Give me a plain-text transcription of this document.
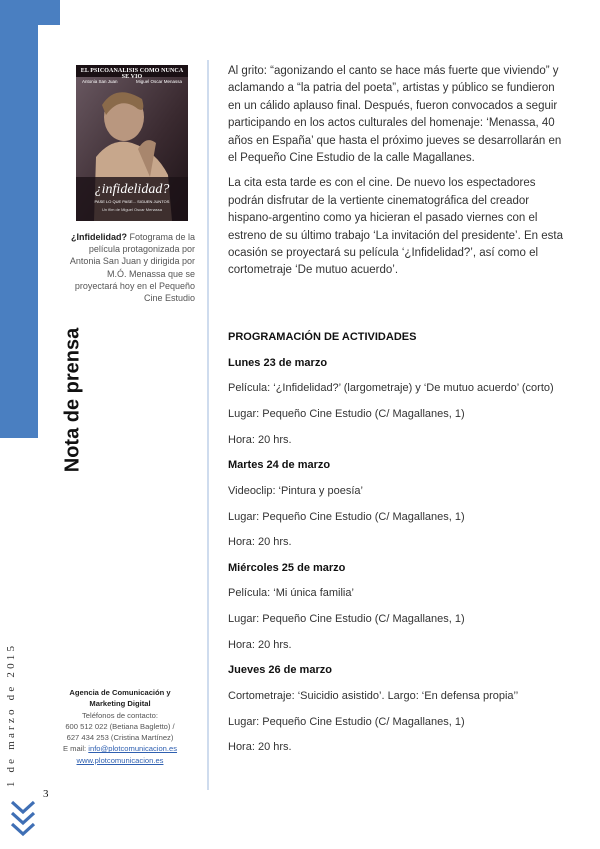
EL PSICOANALISIS COMO NUNCA SE VIO
Antonia San Juan	Miguel Oscar Menassa
¿infidelidad?
PASE LO QUE PASE... SIGUEN JUNTOS
Un film de Miguel Oscar Menassa
¿Infidelidad? Fotograma de la película protagonizada por Antonia San Juan y dirigida por M.Ó. Menassa que se proyectará hoy en el Pequeño Cine Estudio
Nota de prensa
1 de marzo de 2015
3
Agencia de Comunicación y Marketing Digital
Teléfonos de contacto:
600 512 022 (Betiana Bagletto) /
627 434 253 (Cristina Martínez)
E mail: info@plotcomunicacion.es
www.plotcomunicacion.es

Al grito: “agonizando el canto se hace más fuerte que viviendo” y aclamando a “la patria del poeta”, artistas y público se fundieron en un cálido aplauso final. Después, fueron convocados a seguir participando en los actos culturales del homenaje: ‘Menassa, 40 años en España’ que hasta el próximo jueves se desarrollarán en el Pequeño Cine Estudio de la calle Magallanes.

La cita esta tarde es con el cine. De nuevo los espectadores podrán disfrutar de la vertiente cinematográfica del creador hispano-argentino como ya hicieran el pasado viernes con el estreno de su último trabajo ‘La invitación del presidente’. En esta ocasión se proyectará su película ‘¿Infidelidad?’, así como el cortometraje ‘De mutuo acuerdo’.

PROGRAMACIÓN DE ACTIVIDADES
Lunes 23 de marzo
Película: ‘¿Infidelidad?’ (largometraje) y ‘De mutuo acuerdo’ (corto)
Lugar: Pequeño Cine Estudio (C/ Magallanes, 1)
Hora: 20 hrs.
Martes 24 de marzo
Videoclip: ‘Pintura y poesía’
Lugar: Pequeño Cine Estudio (C/ Magallanes, 1)
Hora: 20 hrs.
Miércoles 25 de marzo
Película: ‘Mi única familia’
Lugar: Pequeño Cine Estudio (C/ Magallanes, 1)
Hora: 20 hrs.
Jueves 26 de marzo
Cortometraje: ‘Suicidio asistido’. Largo: ‘En defensa propia’’
Lugar: Pequeño Cine Estudio (C/ Magallanes, 1)
Hora: 20 hrs.
